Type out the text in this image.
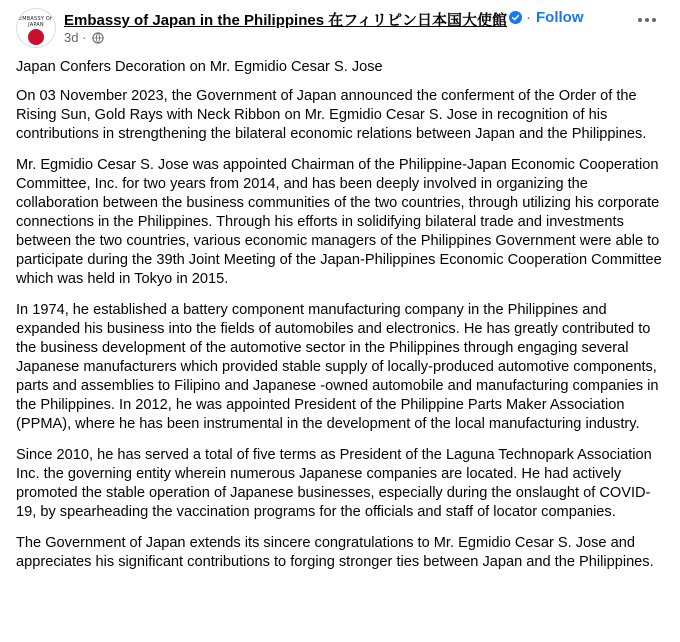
EMBASSY OF
JAPAN	Embassy of Japan in the Philippines 在フィリピン日本国大使館 · Follow
3d ·

Japan Confers Decoration on Mr. Egmidio Cesar S. Jose

On 03 November 2023, the Government of Japan announced the conferment of the Order of the Rising Sun, Gold Rays with Neck Ribbon on Mr. Egmidio Cesar S. Jose in recognition of his contributions in strengthening the bilateral economic relations between Japan and the Philippines.

Mr. Egmidio Cesar S. Jose was appointed Chairman of the Philippine-Japan Economic Cooperation Committee, Inc. for two years from 2014, and has been deeply involved in organizing the collaboration between the business communities of the two countries, through utilizing his corporate connections in the Philippines. Through his efforts in solidifying bilateral trade and investments between the two countries, various economic managers of the Philippines Government were able to participate during the 39th Joint Meeting of the Japan-Philippines Economic Cooperation Committee which was held in Tokyo in 2015.

In 1974, he established a battery component manufacturing company in the Philippines and expanded his business into the fields of automobiles and electronics. He has greatly contributed to the business development of the automotive sector in the Philippines through engaging several Japanese manufacturers which provided stable supply of locally-produced automotive components, parts and assemblies to Filipino and Japanese -owned automobile and manufacturing companies in the Philippines. In 2012, he was appointed President of the Philippine Parts Maker Association (PPMA), where he has been instrumental in the development of the local manufacturing industry.

Since 2010, he has served a total of five terms as President of the Laguna Technopark Association Inc. the governing entity wherein numerous Japanese companies are located. He had actively promoted the stable operation of Japanese businesses, especially during the onslaught of COVID-19, by spearheading the vaccination programs for the officials and staff of locator companies.

The Government of Japan extends its sincere congratulations to Mr. Egmidio Cesar S. Jose and appreciates his significant contributions to forging stronger ties between Japan and the Philippines.
